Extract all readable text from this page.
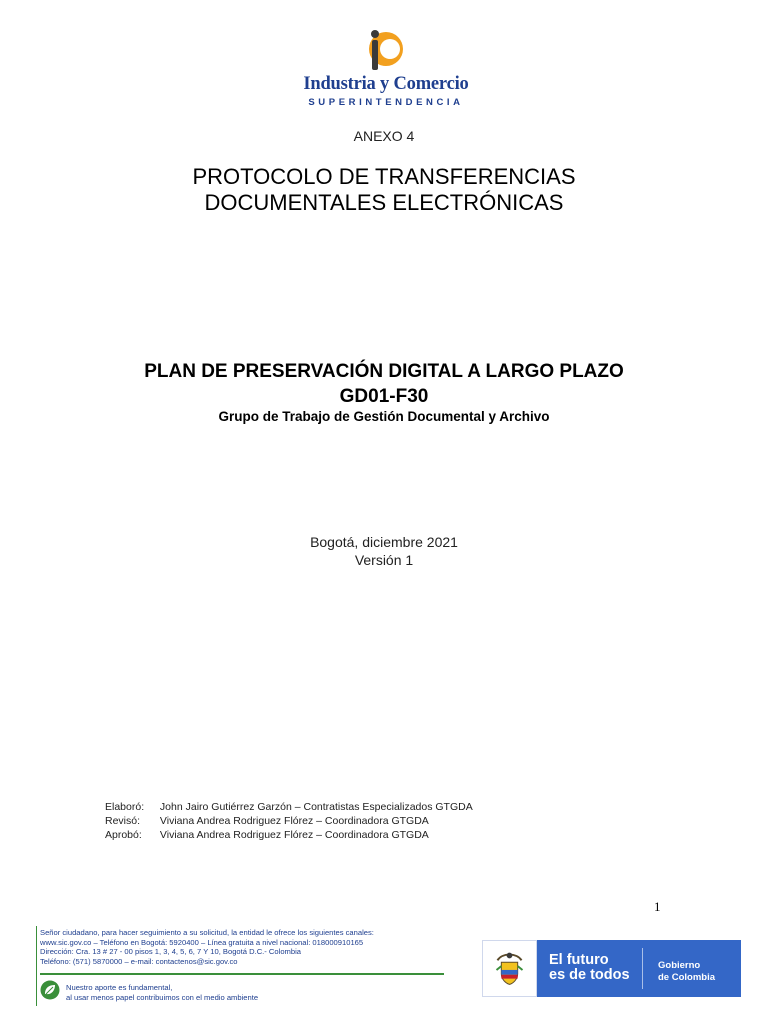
Industria y Comercio
SUPERINTENDENCIA
ANEXO 4
PROTOCOLO DE TRANSFERENCIAS
DOCUMENTALES ELECTRÓNICAS
PLAN DE PRESERVACIÓN DIGITAL A LARGO PLAZO
GD01-F30
Grupo de Trabajo de Gestión Documental y Archivo
Bogotá, diciembre 2021
Versión 1
Elaboró: John Jairo Gutiérrez Garzón – Contratistas Especializados GTGDA
Revisó: Viviana Andrea Rodriguez Flórez – Coordinadora GTGDA
Aprobó: Viviana Andrea Rodriguez Flórez – Coordinadora GTGDA
1
Señor ciudadano, para hacer seguimiento a su solicitud, la entidad le ofrece los siguientes canales:
www.sic.gov.co – Teléfono en Bogotá: 5920400 – Línea gratuita a nivel nacional: 018000910165
Dirección: Cra. 13 # 27 - 00 pisos 1, 3, 4, 5, 6, 7 Y 10, Bogotá D.C.- Colombia
Teléfono: (571) 5870000 – e-mail: contactenos@sic.gov.co
Nuestro aporte es fundamental,
al usar menos papel contribuimos con el medio ambiente
El futuro
es de todos
Gobierno
de Colombia
